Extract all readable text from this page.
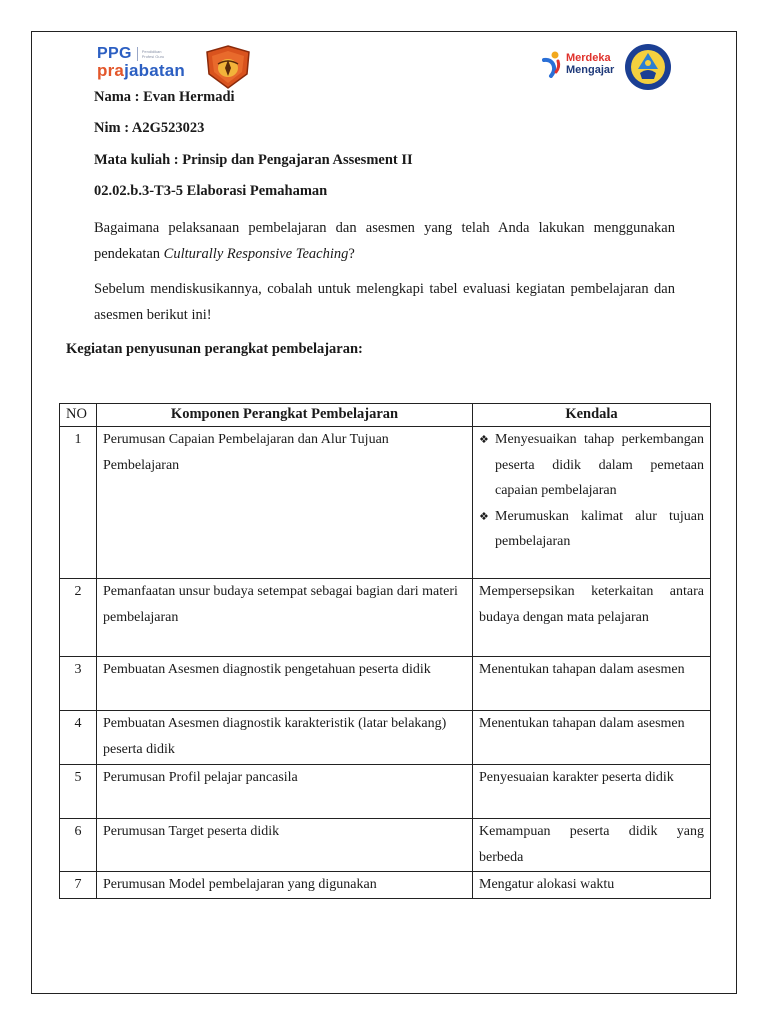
PPG	Pendidikan Profesi Guru
prajabatan
Merdeka
Mengajar
Nama : Evan Hermadi
Nim : A2G523023
Mata kuliah : Prinsip dan Pengajaran Assesment II
02.02.b.3-T3-5 Elaborasi Pemahaman
Bagaimana pelaksanaan pembelajaran dan asesmen yang telah Anda lakukan menggunakan pendekatan Culturally Responsive Teaching?
Sebelum mendiskusikannya, cobalah untuk melengkapi tabel evaluasi kegiatan pembelajaran dan asesmen berikut ini!
Kegiatan penyusunan perangkat pembelajaran:
NO	Komponen Perangkat Pembelajaran	Kendala
1	Perumusan Capaian Pembelajaran dan Alur Tujuan Pembelajaran	❖ Menyesuaikan tahap perkembangan peserta didik dalam pemetaan capaian pembelajaran
❖ Merumuskan kalimat alur tujuan pembelajaran

2	Pemanfaatan unsur budaya setempat sebagai bagian dari materi pembelajaran	Mempersepsikan keterkaitan antara budaya dengan mata pelajaran
3	Pembuatan Asesmen diagnostik pengetahuan peserta didik	Menentukan tahapan dalam asesmen
4	Pembuatan Asesmen diagnostik karakteristik (latar belakang) peserta didik	Menentukan tahapan dalam asesmen
5	Perumusan Profil pelajar pancasila	Penyesuaian karakter peserta didik
6	Perumusan Target peserta didik	Kemampuan peserta didik yang berbeda
7	Perumusan Model pembelajaran yang digunakan	Mengatur alokasi waktu
